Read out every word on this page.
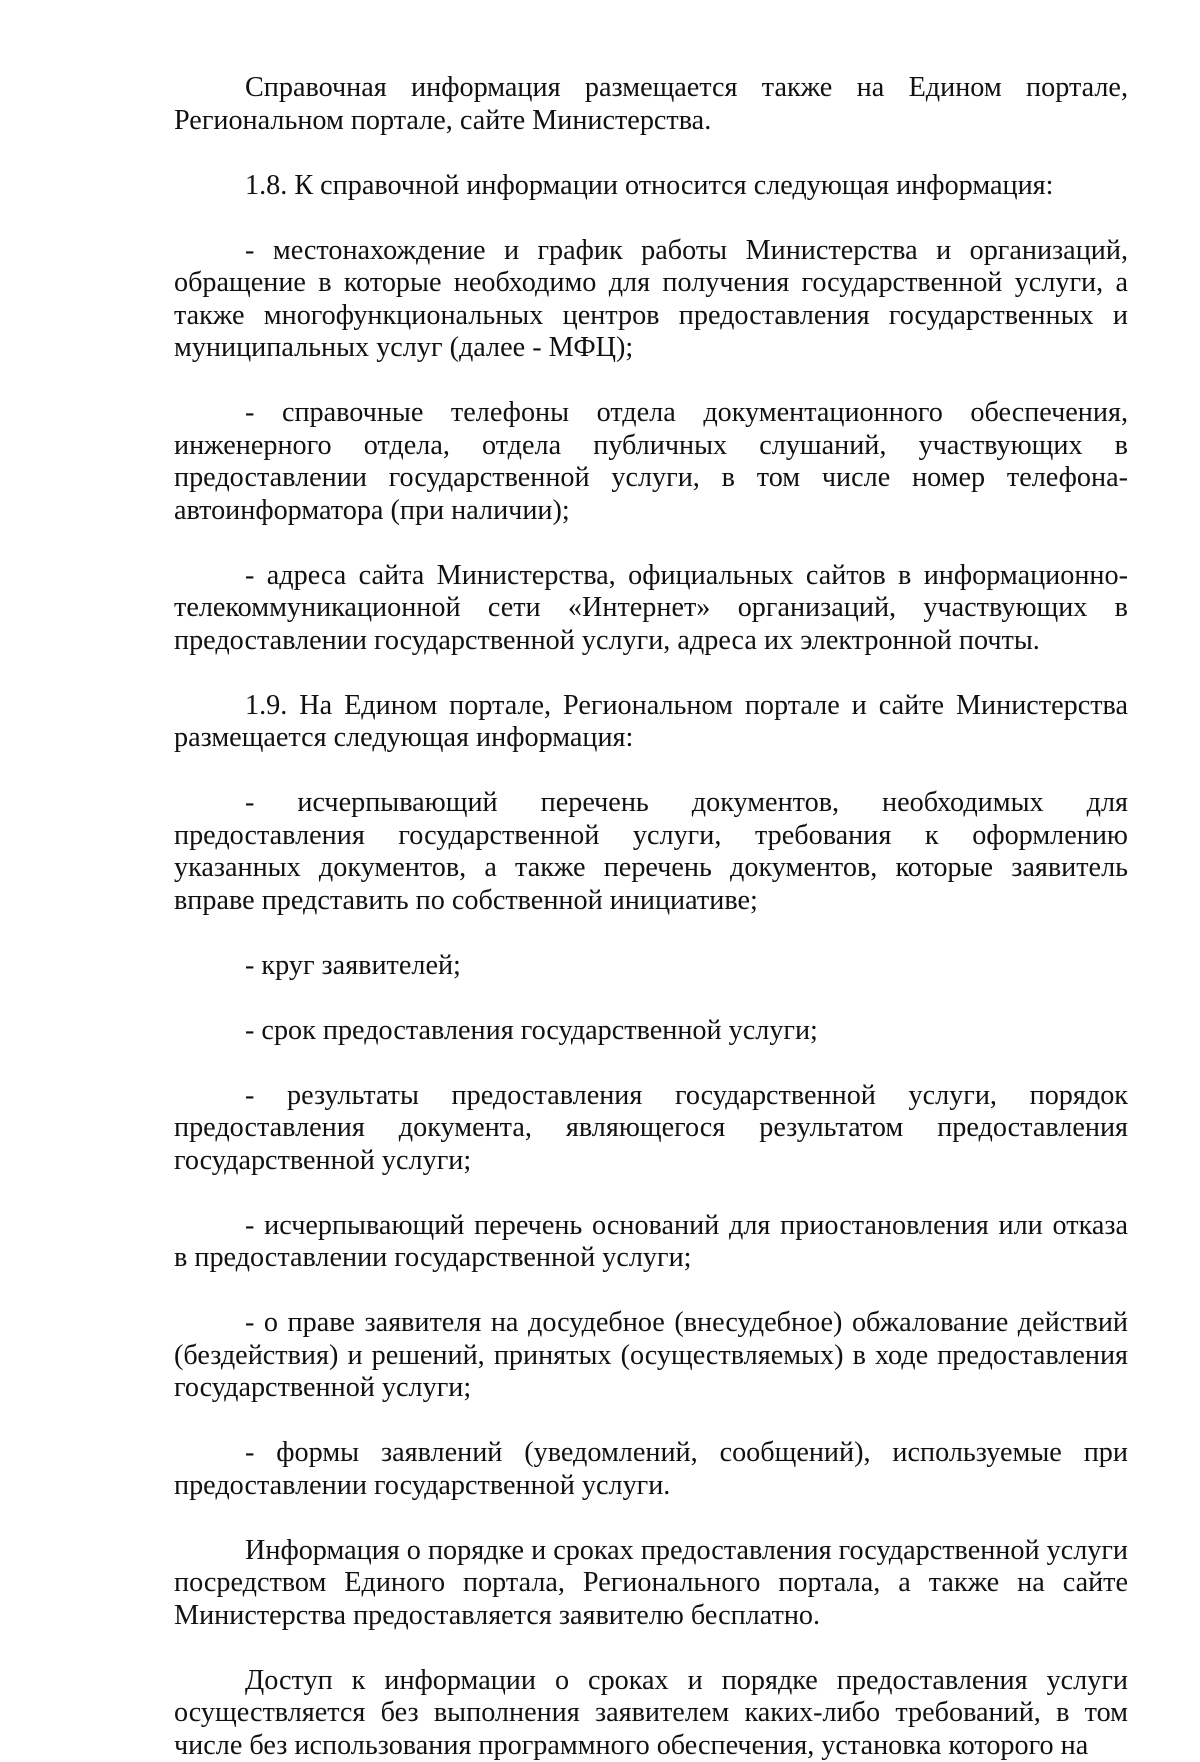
Справочная информация размещается также на Едином портале, Региональном портале, сайте Министерства.

1.8. К справочной информации относится следующая информация:

- местонахождение и график работы Министерства и организаций, обращение в которые необходимо для получения государственной услуги, а также многофункциональных центров предоставления государственных и муниципальных услуг (далее - МФЦ);

- справочные телефоны отдела документационного обеспечения, инженерного отдела, отдела публичных слушаний, участвующих в предоставлении государственной услуги, в том числе номер телефона-автоинформатора (при наличии);

- адреса сайта Министерства, официальных сайтов в информационно-телекоммуникационной сети «Интернет» организаций, участвующих в предоставлении государственной услуги, адреса их электронной почты.

1.9. На Едином портале, Региональном портале и сайте Министерства размещается следующая информация:

- исчерпывающий перечень документов, необходимых для предоставления государственной услуги, требования к оформлению указанных документов, а также перечень документов, которые заявитель вправе представить по собственной инициативе;

- круг заявителей;

- срок предоставления государственной услуги;

- результаты предоставления государственной услуги, порядок предоставления документа, являющегося результатом предоставления государственной услуги;

- исчерпывающий перечень оснований для приостановления или отказа в предоставлении государственной услуги;

- о праве заявителя на досудебное (внесудебное) обжалование действий (бездействия) и решений, принятых (осуществляемых) в ходе предоставления государственной услуги;

- формы заявлений (уведомлений, сообщений), используемые при предоставлении государственной услуги.

Информация о порядке и сроках предоставления государственной услуги посредством Единого портала, Регионального портала, а также на сайте Министерства предоставляется заявителю бесплатно.

Доступ к информации о сроках и порядке предоставления услуги осуществляется без выполнения заявителем каких-либо требований, в том числе без использования программного обеспечения, установка которого на
